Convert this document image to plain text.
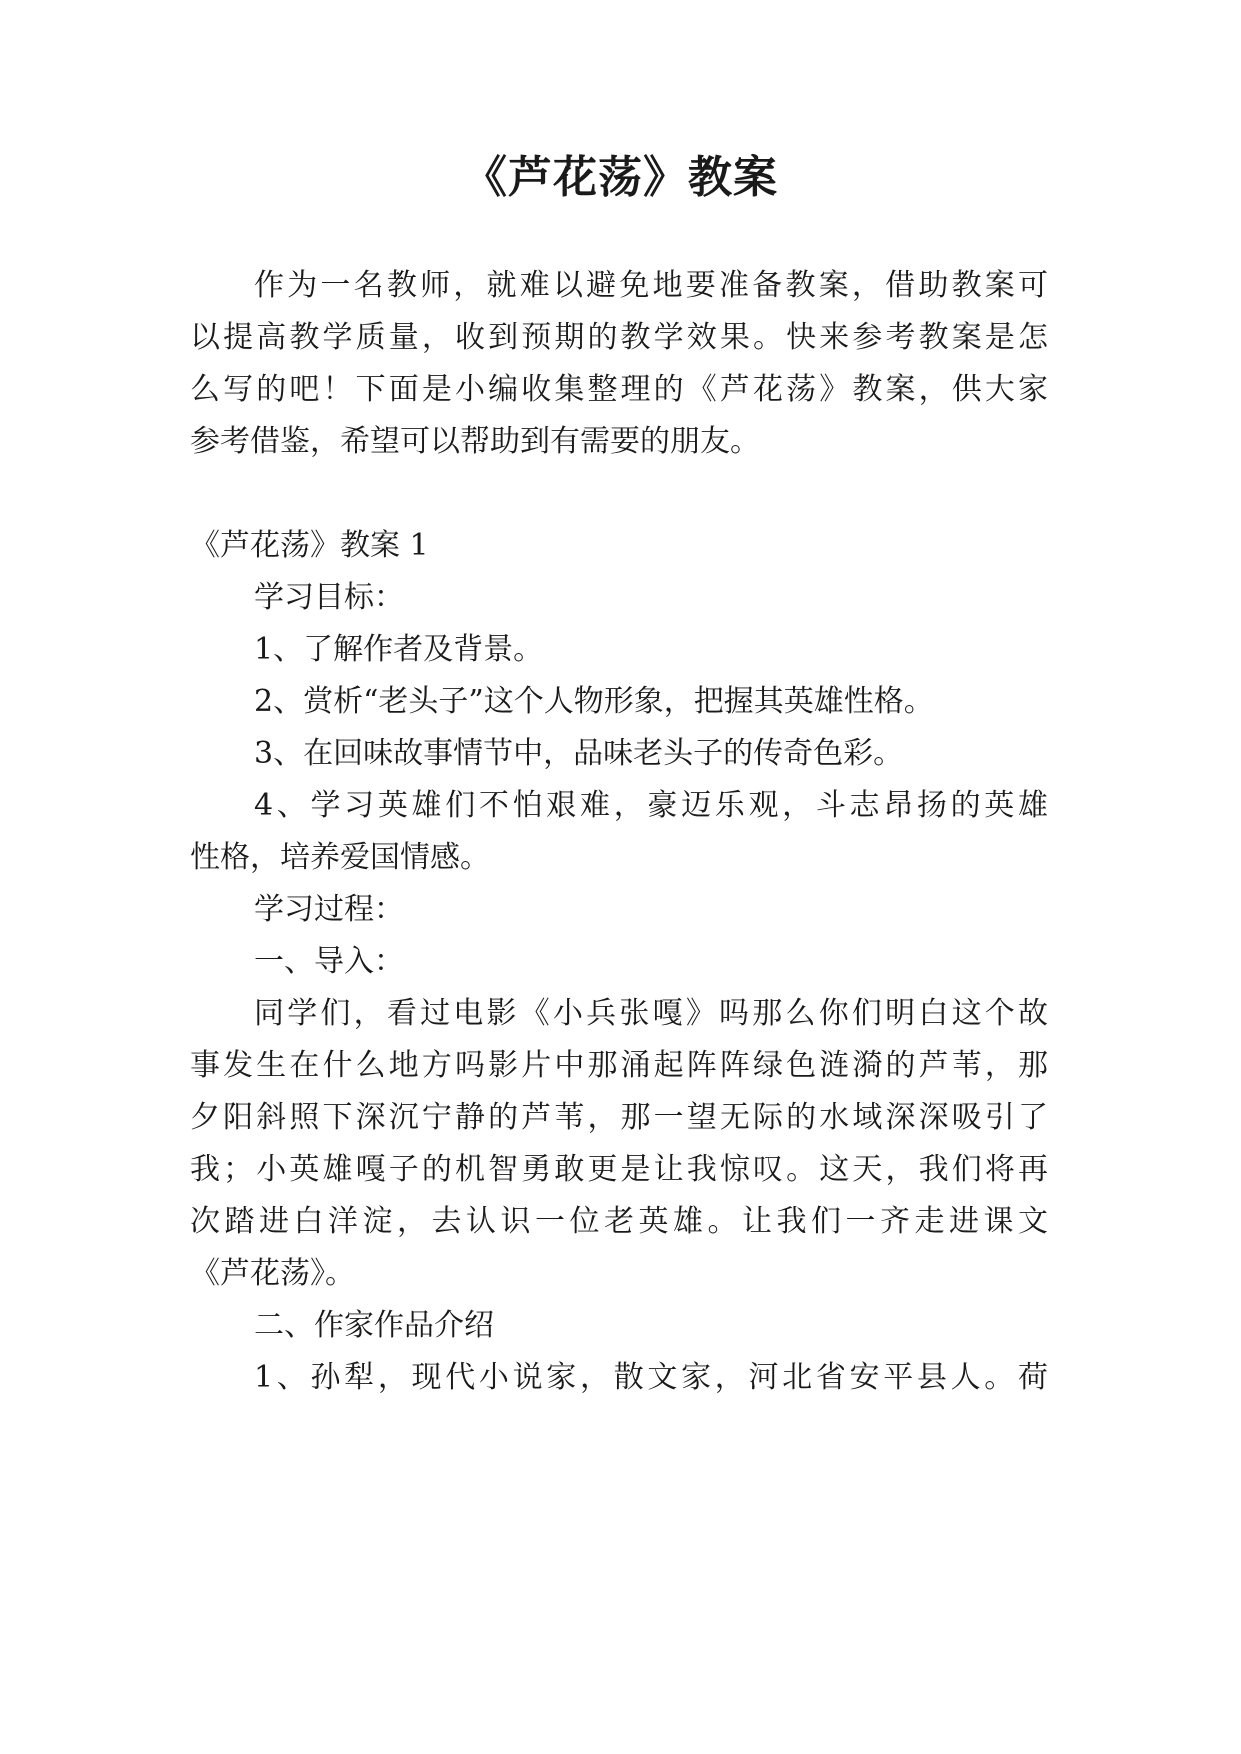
《芦花荡》教案
作为一名教师，就难以避免地要准备教案，借助教案可
以提高教学质量，收到预期的教学效果。快来参考教案是怎
么写的吧！下面是小编收集整理的《芦花荡》教案，供大家
参考借鉴，希望可以帮助到有需要的朋友。
《芦花荡》教案 1
学习目标：
1、了解作者及背景。
2、赏析“老头子”这个人物形象，把握其英雄性格。
3、在回味故事情节中，品味老头子的传奇色彩。
4、学习英雄们不怕艰难，豪迈乐观，斗志昂扬的英雄
性格，培养爱国情感。
学习过程：
一、导入：
同学们，看过电影《小兵张嘎》吗那么你们明白这个故
事发生在什么地方吗影片中那涌起阵阵绿色涟漪的芦苇，那
夕阳斜照下深沉宁静的芦苇，那一望无际的水域深深吸引了
我；小英雄嘎子的机智勇敢更是让我惊叹。这天，我们将再
次踏进白洋淀，去认识一位老英雄。让我们一齐走进课文
《芦花荡》。
二、作家作品介绍
1、孙犁，现代小说家，散文家，河北省安平县人。荷
